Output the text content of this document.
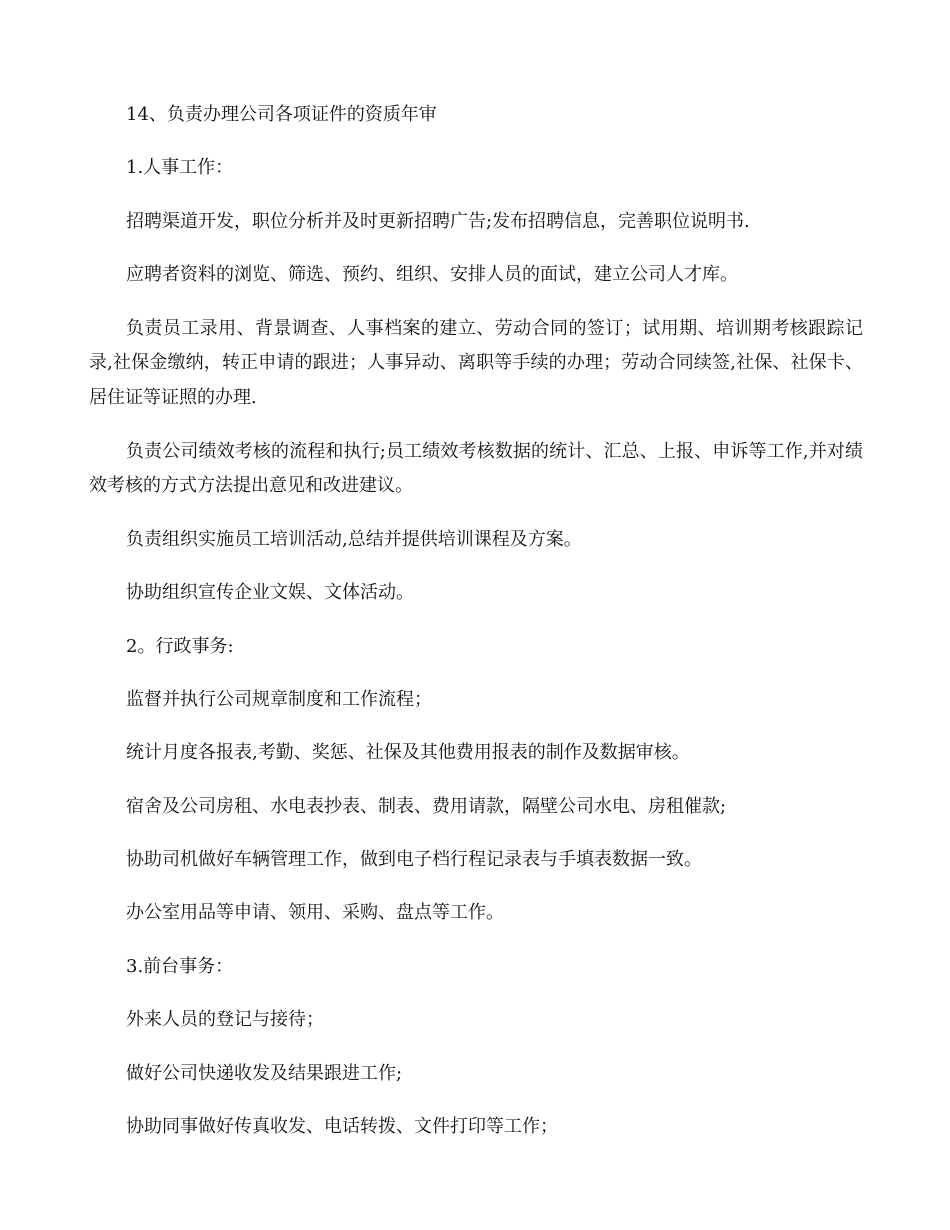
14、负责办理公司各项证件的资质年审

1.人事工作：

招聘渠道开发，职位分析并及时更新招聘广告;发布招聘信息，完善职位说明书.

应聘者资料的浏览、筛选、预约、组织、安排人员的面试，建立公司人才库。

负责员工录用、背景调查、人事档案的建立、劳动合同的签订；试用期、培训期考核跟踪记录,社保金缴纳，转正申请的跟进；人事异动、离职等手续的办理；劳动合同续签,社保、社保卡、居住证等证照的办理.

负责公司绩效考核的流程和执行;员工绩效考核数据的统计、汇总、上报、申诉等工作,并对绩效考核的方式方法提出意见和改进建议。

负责组织实施员工培训活动,总结并提供培训课程及方案。

协助组织宣传企业文娱、文体活动。

2。行政事务:

监督并执行公司规章制度和工作流程；

统计月度各报表,考勤、奖惩、社保及其他费用报表的制作及数据审核。

宿舍及公司房租、水电表抄表、制表、费用请款，隔壁公司水电、房租催款;

协助司机做好车辆管理工作，做到电子档行程记录表与手填表数据一致。

办公室用品等申请、领用、采购、盘点等工作。

3.前台事务：

外来人员的登记与接待；

做好公司快递收发及结果跟进工作;

协助同事做好传真收发、电话转拨、文件打印等工作；
